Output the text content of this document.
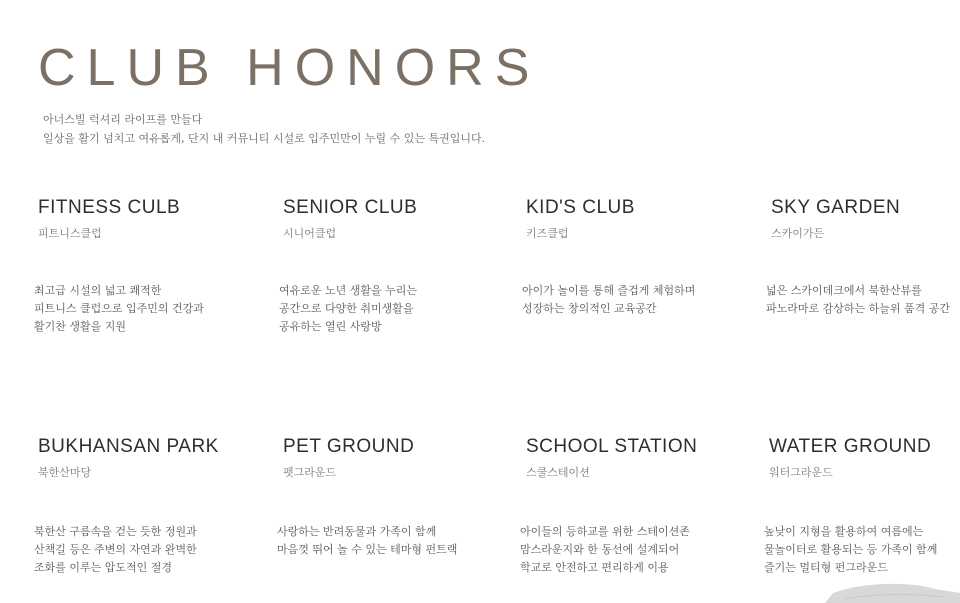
CLUB HONORS
아너스빌 럭셔리 라이프를 만들다
일상을 활기 넘치고 여유롭게, 단지 내 커뮤니티 시설로 입주민만이 누릴 수 있는 특권입니다.
FITNESS CULB
피트니스클럽
최고급 시설의 넓고 쾌적한
피트니스 클럽으로 입주민의 건강과
활기찬 생활을 지원
SENIOR CLUB
시니어클럽
여유로운 노년 생활을 누리는
공간으로 다양한 취미생활을
공유하는 열린 사랑방
KID'S CLUB
키즈클럽
아이가 놀이를 통해 즐겁게 체험하며
성장하는 창의적인 교육공간
SKY GARDEN
스카이가든
넓은 스카이데크에서 북한산뷰를
파노라마로 감상하는 하늘위 품격 공간
BUKHANSAN PARK
북한산마당
북한산 구름속을 걷는 듯한 정원과
산책길 등은 주변의 자연과 완벽한
조화를 이루는 압도적인 절경
PET GROUND
펫그라운드
사랑하는 반려동물과 가족이 함께
마음껏 뛰어 놀 수 있는 테마형 펀트랙
SCHOOL STATION
스쿨스테이션
아이들의 등하교를 위한 스테이션존
맘스라운지와 한 동선에 설계되어
학교로 안전하고 편리하게 이용
WATER GROUND
워터그라운드
높낮이 지형을 활용하여 여름에는
물놀이터로 활용되는 등 가족이 함께
즐기는 멀티형 펀그라운드
